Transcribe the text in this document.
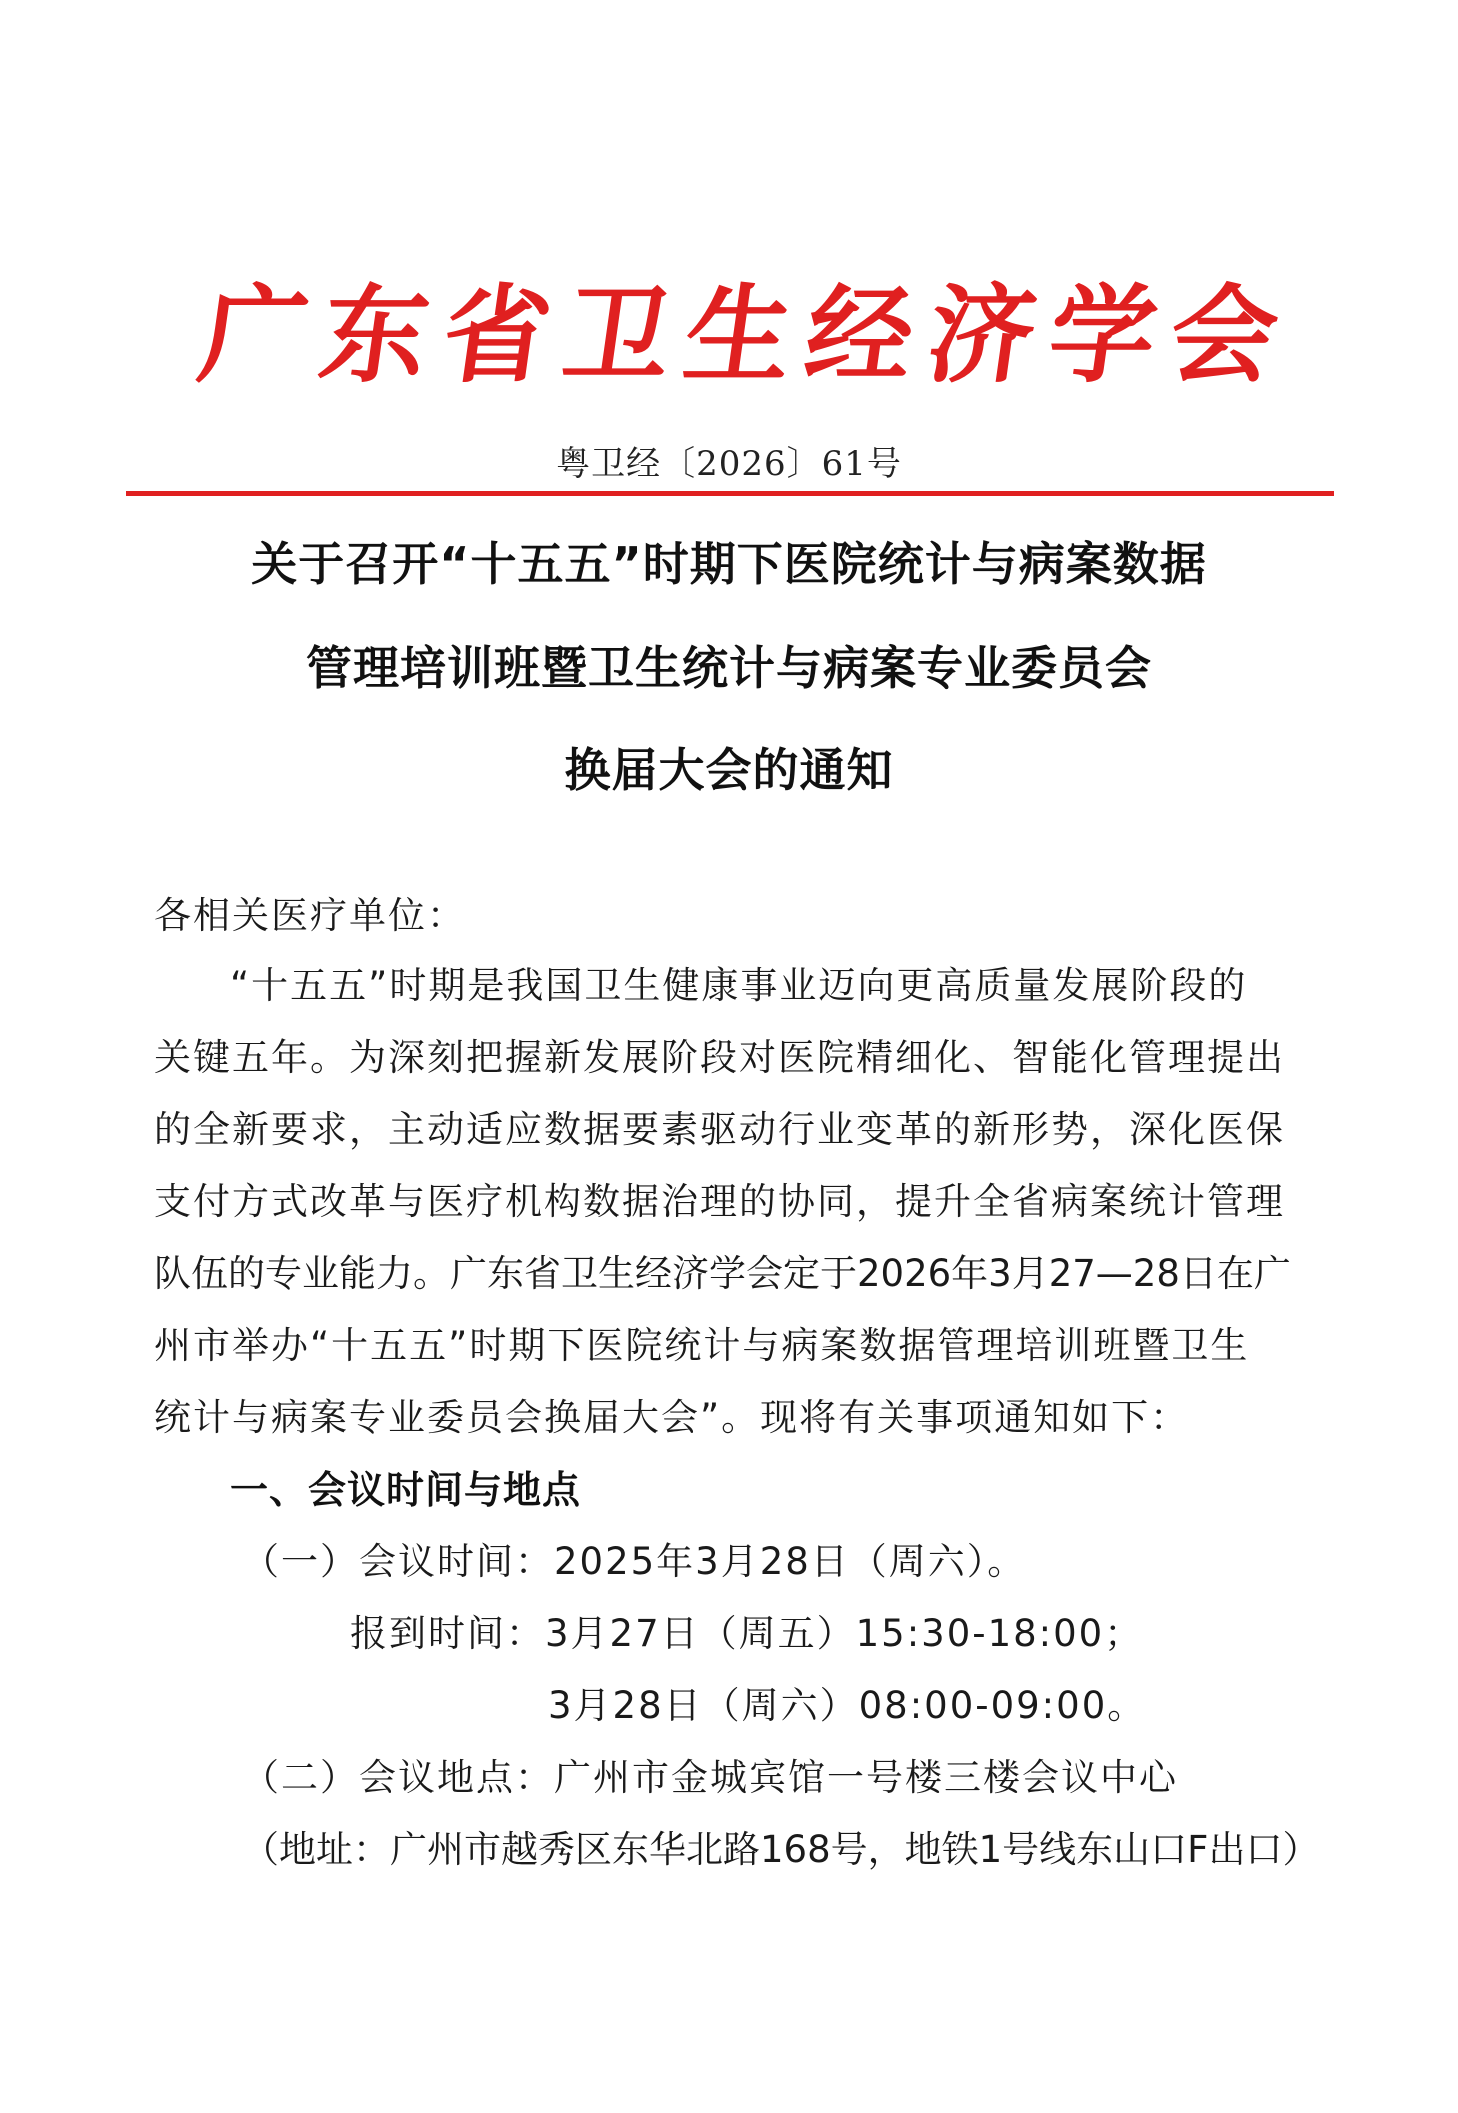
广
东
省
卫
生
经
济
学
会
粤卫经〔2026〕61号
关于召开“十五五”时期下医院统计与病案数据
管理培训班暨卫生统计与病案专业委员会
换届大会的通知
各相关医疗单位：
“十五五”时期是我国卫生健康事业迈向更高质量发展阶段的
关键五年。为深刻把握新发展阶段对医院精细化、智能化管理提出
的全新要求，主动适应数据要素驱动行业变革的新形势，深化医保
支付方式改革与医疗机构数据治理的协同，提升全省病案统计管理
队伍的专业能力。广东省卫生经济学会定于2026年3月27—28日在广
州市举办“十五五”时期下医院统计与病案数据管理培训班暨卫生
统计与病案专业委员会换届大会”。现将有关事项通知如下：
一、会议时间与地点
（一）会议时间：2025年3月28日（周六）。
报到时间：3月27日（周五）15:30-18:00；
3月28日（周六）08:00-09:00。
（二）会议地点：广州市金城宾馆一号楼三楼会议中心
（地址：广州市越秀区东华北路168号，地铁1号线东山口F出口）
